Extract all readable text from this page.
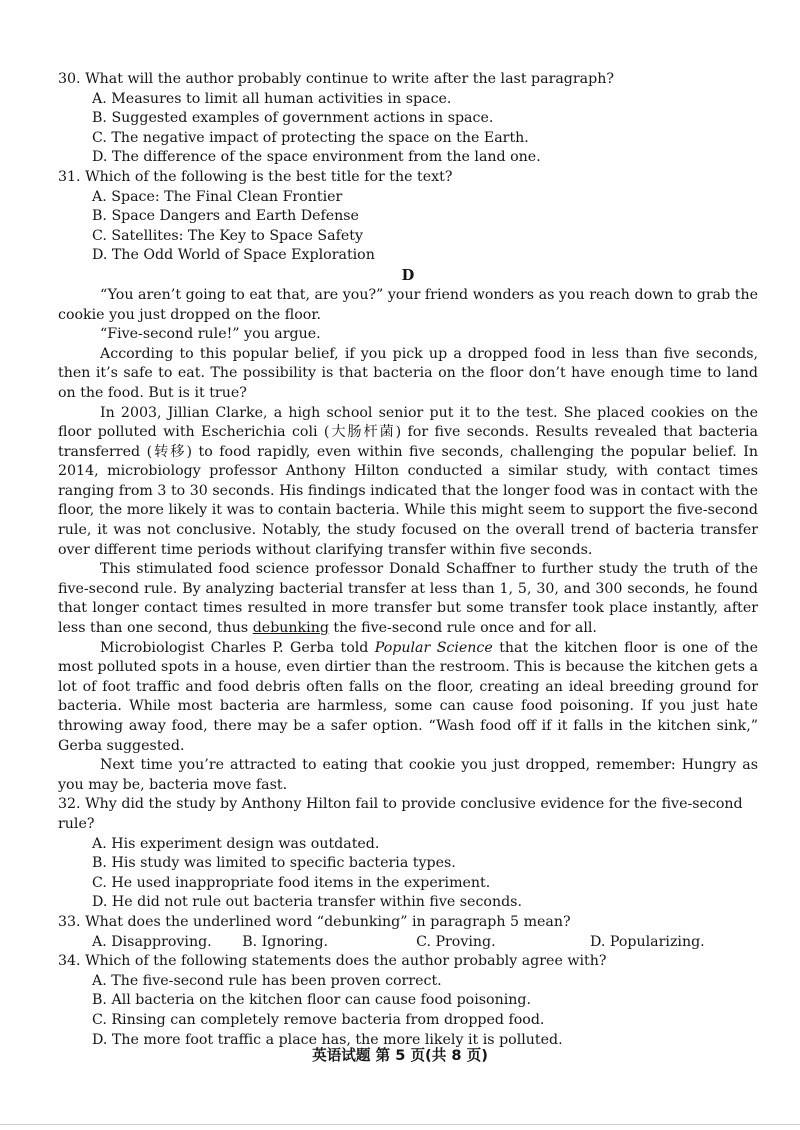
30. What will the author probably continue to write after the last paragraph?
A. Measures to limit all human activities in space.
B. Suggested examples of government actions in space.
C. The negative impact of protecting the space on the Earth.
D. The difference of the space environment from the land one.
31. Which of the following is the best title for the text?
A. Space: The Final Clean Frontier
B. Space Dangers and Earth Defense
C. Satellites: The Key to Space Safety
D. The Odd World of Space Exploration
D
“You aren’t going to eat that, are you?” your friend wonders as you reach down to grab the cookie you just dropped on the floor.
“Five-second rule!” you argue.
According to this popular belief, if you pick up a dropped food in less than five seconds, then it’s safe to eat. The possibility is that bacteria on the floor don’t have enough time to land on the food. But is it true?
In 2003, Jillian Clarke, a high school senior put it to the test. She placed cookies on the floor polluted with Escherichia coli (大肠杆菌) for five seconds. Results revealed that bacteria transferred (转移) to food rapidly, even within five seconds, challenging the popular belief. In 2014, microbiology professor Anthony Hilton conducted a similar study, with contact times ranging from 3 to 30 seconds. His findings indicated that the longer food was in contact with the floor, the more likely it was to contain bacteria. While this might seem to support the five-second rule, it was not conclusive. Notably, the study focused on the overall trend of bacteria transfer over different time periods without clarifying transfer within five seconds.
This stimulated food science professor Donald Schaffner to further study the truth of the five-second rule. By analyzing bacterial transfer at less than 1, 5, 30, and 300 seconds, he found that longer contact times resulted in more transfer but some transfer took place instantly, after less than one second, thus debunking the five-second rule once and for all.
Microbiologist Charles P. Gerba told Popular Science that the kitchen floor is one of the most polluted spots in a house, even dirtier than the restroom. This is because the kitchen gets a lot of foot traffic and food debris often falls on the floor, creating an ideal breeding ground for bacteria. While most bacteria are harmless, some can cause food poisoning. If you just hate throwing away food, there may be a safer option. “Wash food off if it falls in the kitchen sink,” Gerba suggested.
Next time you’re attracted to eating that cookie you just dropped, remember: Hungry as you may be, bacteria move fast.
32. Why did the study by Anthony Hilton fail to provide conclusive evidence for the five-second rule?
A. His experiment design was outdated.
B. His study was limited to specific bacteria types.
C. He used inappropriate food items in the experiment.
D. He did not rule out bacteria transfer within five seconds.
33. What does the underlined word “debunking” in paragraph 5 mean?
A. Disapproving.	B. Ignoring.	C. Proving.	D. Popularizing.
34. Which of the following statements does the author probably agree with?
A. The five-second rule has been proven correct.
B. All bacteria on the kitchen floor can cause food poisoning.
C. Rinsing can completely remove bacteria from dropped food.
D. The more foot traffic a place has, the more likely it is polluted.
英语试题 第 5 页(共 8 页)
